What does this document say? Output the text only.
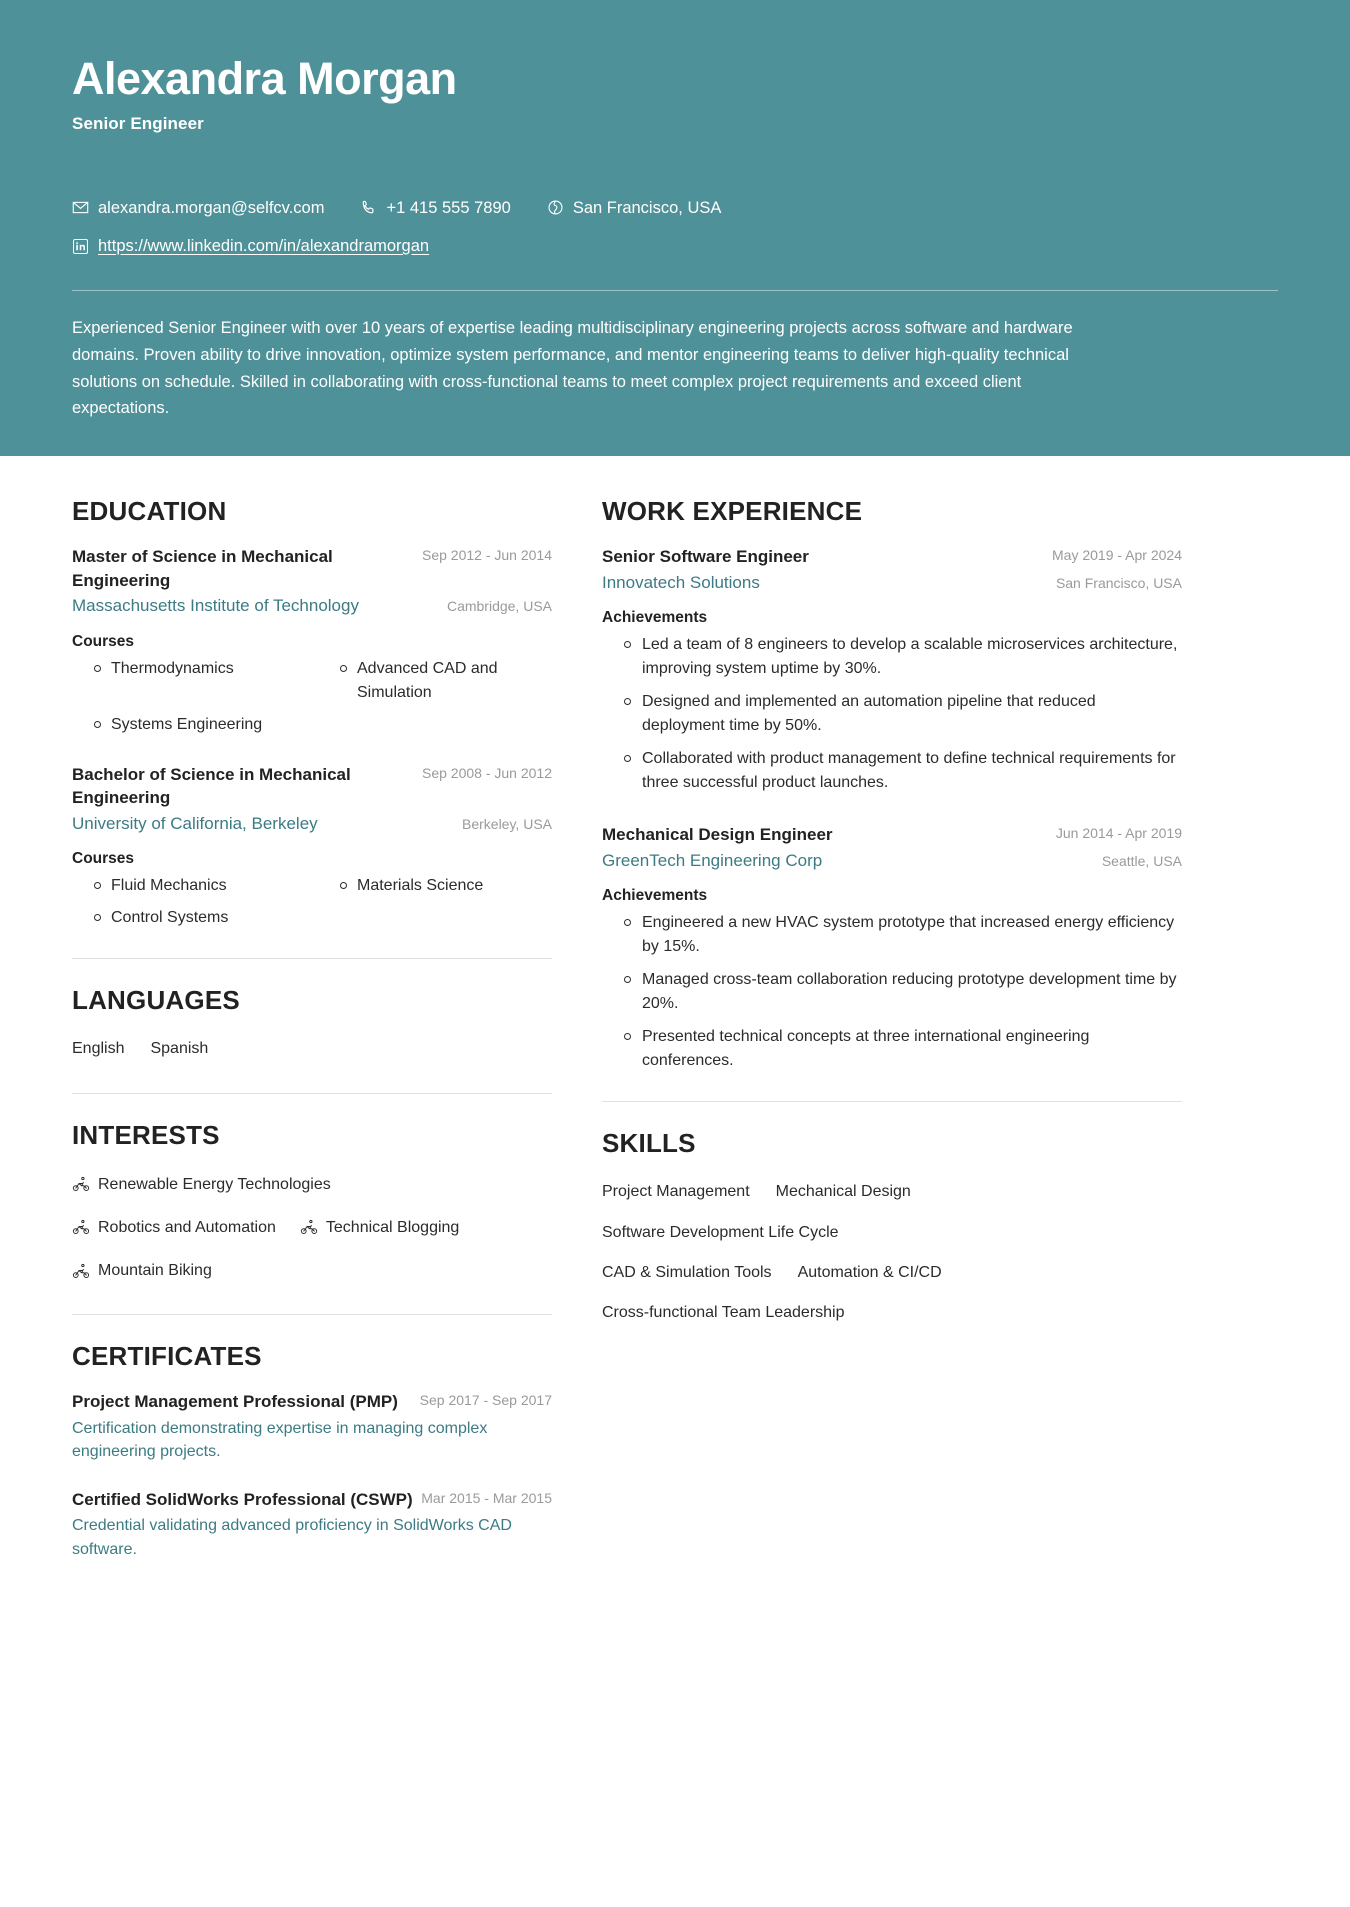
Alexandra Morgan
Senior Engineer
alexandra.morgan@selfcv.com	+1 415 555 7890	San Francisco, USA
https://www.linkedin.com/in/alexandramorgan

Experienced Senior Engineer with over 10 years of expertise leading multidisciplinary engineering projects across software and hardware domains. Proven ability to drive innovation, optimize system performance, and mentor engineering teams to deliver high-quality technical solutions on schedule. Skilled in collaborating with cross-functional teams to meet complex project requirements and exceed client expectations.

EDUCATION
Master of Science in Mechanical Engineering
Sep 2012 - Jun 2014
Massachusetts Institute of Technology	Cambridge, USA
Courses
Thermodynamics	Advanced CAD and Simulation
Systems Engineering
Bachelor of Science in Mechanical Engineering
Sep 2008 - Jun 2012
University of California, Berkeley	Berkeley, USA
Courses
Fluid Mechanics	Materials Science
Control Systems
LANGUAGES
English Spanish
INTERESTS
Renewable Energy Technologies
Robotics and Automation	Technical Blogging
Mountain Biking
CERTIFICATES
Project Management Professional (PMP)	Sep 2017 - Sep 2017
Certification demonstrating expertise in managing complex engineering projects.
Certified SolidWorks Professional (CSWP) Mar 2015 - Mar 2015
Credential validating advanced proficiency in SolidWorks CAD software.
WORK EXPERIENCE
Senior Software Engineer	May 2019 - Apr 2024
Innovatech Solutions	San Francisco, USA
Achievements
Led a team of 8 engineers to develop a scalable microservices architecture, improving system uptime by 30%.
Designed and implemented an automation pipeline that reduced deployment time by 50%.
Collaborated with product management to define technical requirements for three successful product launches.
Mechanical Design Engineer	Jun 2014 - Apr 2019
GreenTech Engineering Corp	Seattle, USA
Achievements
Engineered a new HVAC system prototype that increased energy efficiency by 15%.
Managed cross-team collaboration reducing prototype development time by 20%.
Presented technical concepts at three international engineering conferences.
SKILLS
Project Management Mechanical Design
Software Development Life Cycle
CAD & Simulation Tools Automation & CI/CD
Cross-functional Team Leadership
